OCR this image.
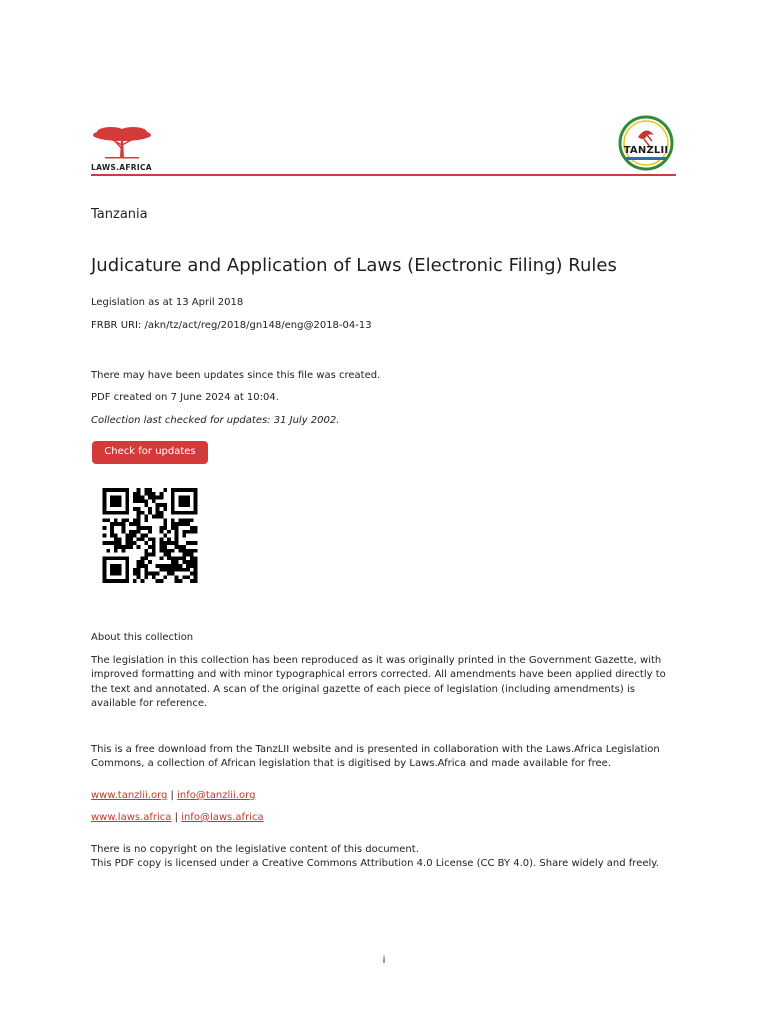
LAWS.AFRICA
TANZLII
Tanzania
Judicature and Application of Laws (Electronic Filing) Rules
Legislation as at 13 April 2018
FRBR URI: /akn/tz/act/reg/2018/gn148/eng@2018-04-13
There may have been updates since this file was created.
PDF created on 7 June 2024 at 10:04.
Collection last checked for updates: 31 July 2002.
Check for updates
About this collection
The legislation in this collection has been reproduced as it was originally printed in the Government Gazette, with improved formatting and with minor typographical errors corrected. All amendments have been applied directly to the text and annotated. A scan of the original gazette of each piece of legislation (including amendments) is available for reference.
This is a free download from the TanzLII website and is presented in collaboration with the Laws.Africa Legislation Commons, a collection of African legislation that is digitised by Laws.Africa and made available for free.
www.tanzlii.org | info@tanzlii.org
www.laws.africa | info@laws.africa
There is no copyright on the legislative content of this document.
This PDF copy is licensed under a Creative Commons Attribution 4.0 License (CC BY 4.0). Share widely and freely.
i
